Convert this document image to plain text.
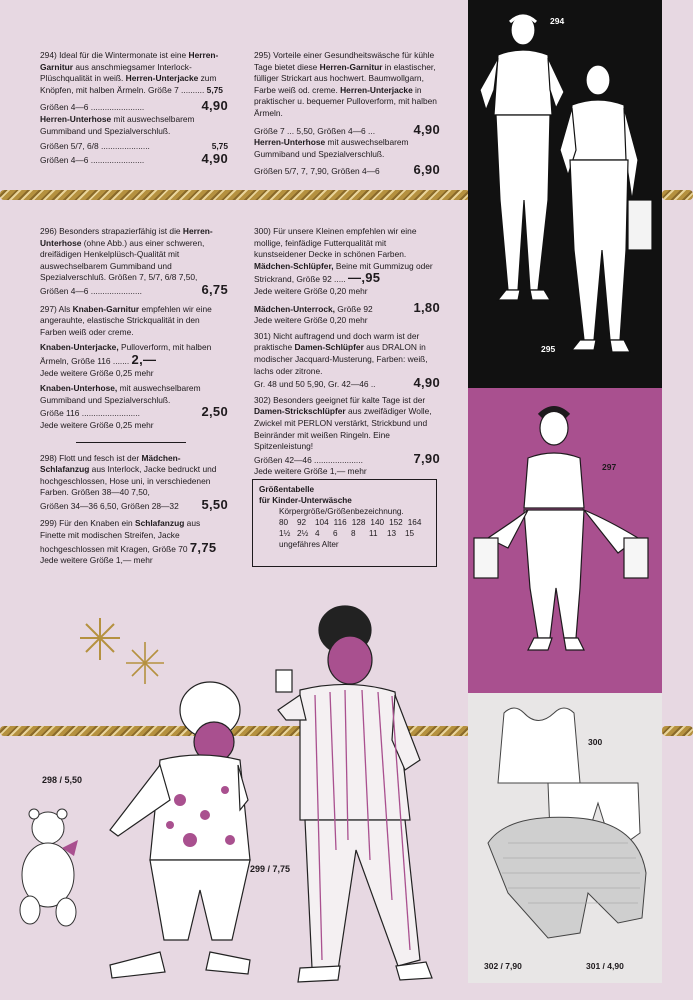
294) Ideal für die Wintermonate ist eine Herren-Garnitur aus anschmiegsamer Interlock-Plüschqualität in weiß. Herren-Unterjacke zum Knöpfen, mit halben Ärmeln. Größe 7 .......... 5,75

Größen 4—6 .......................	4,90

Herren-Unterhose mit auswechselbarem Gummiband und Spezialverschluß.

Größen 5/7, 6/8 .....................	5,75
Größen 4—6 .......................	4,90

295) Vorteile einer Gesundheitswäsche für kühle Tage bietet diese Herren-Garnitur in elastischer, fülliger Strickart aus hochwert. Baumwollgarn, Farbe weiß od. creme. Herren-Unterjacke in praktischer u. bequemer Pulloverform, mit halben Ärmeln.

Größe 7 ... 5,50, Größen 4—6 ...	4,90

Herren-Unterhose mit auswechselbarem Gummiband und Spezialverschluß.

Größen 5/7, 7, 7,90, Größen 4—6	6,90

296) Besonders strapazierfähig ist die Herren-Unterhose (ohne Abb.) aus einer schweren, dreifädigen Henkelplüsch-Qualität mit auswechselbarem Gummiband und Spezialverschluß. Größen 7, 5/7, 6/8 7,50,

Größen 4—6 ......................	6,75

297) Als Knaben-Garnitur empfehlen wir eine angerauhte, elastische Strickqualität in den Farben weiß oder creme.

Knaben-Unterjacke, Pulloverform, mit halben Ärmeln, Größe 116 ....... 2,—

Jede weitere Größe 0,25 mehr

Knaben-Unterhose, mit auswechselbarem Gummiband und Spezialverschluß.

Größe 116 .........................	2,50

Jede weitere Größe 0,25 mehr

298) Flott und fesch ist der Mädchen-Schlafanzug aus Interlock, Jacke bedruckt und hochgeschlossen, Hose uni, in verschiedenen Farben. Größen 38—40 7,50,

Größen 34—36 6,50, Größen 28—32 5,50

299) Für den Knaben ein Schlafanzug aus Finette mit modischen Streifen, Jacke hochgeschlossen mit Kragen, Größe 70 7,75

Jede weitere Größe 1,— mehr

300) Für unsere Kleinen empfehlen wir eine mollige, feinfädige Futterqualität mit kunstseidener Decke in schönen Farben. Mädchen-Schlüpfer, Beine mit Gummizug oder Strickrand, Größe 92 ..... —,95

Jede weitere Größe 0,20 mehr

Mädchen-Unterrock, Größe 92	1,80

Jede weitere Größe 0,20 mehr

301) Nicht auftragend und doch warm ist der praktische Damen-Schlüpfer aus DRALON in modischer Jacquard-Musterung, Farben: weiß, lachs oder zitrone.

Gr. 48 und 50 5,90, Gr. 42—46 ..	4,90

302) Besonders geeignet für kalte Tage ist der Damen-Strickschlüpfer aus zweifädiger Wolle, Zwickel mit PERLON verstärkt, Strickbund und Beinränder mit weißen Ringeln. Eine Spitzenleistung!

Größen 42—46 .....................	7,90

Jede weitere Größe 1,— mehr

Größentabelle
für Kinder-Unterwäsche
Körpergröße/Größenbezeichnung.
80	92	104 116 128 140 152 164
1½ 2½ 4	6	8	11	13	15
ungefähres Alter
294
295
297
300
302 / 7,90	301 / 4,90
298 / 5,50
299 / 7,75
